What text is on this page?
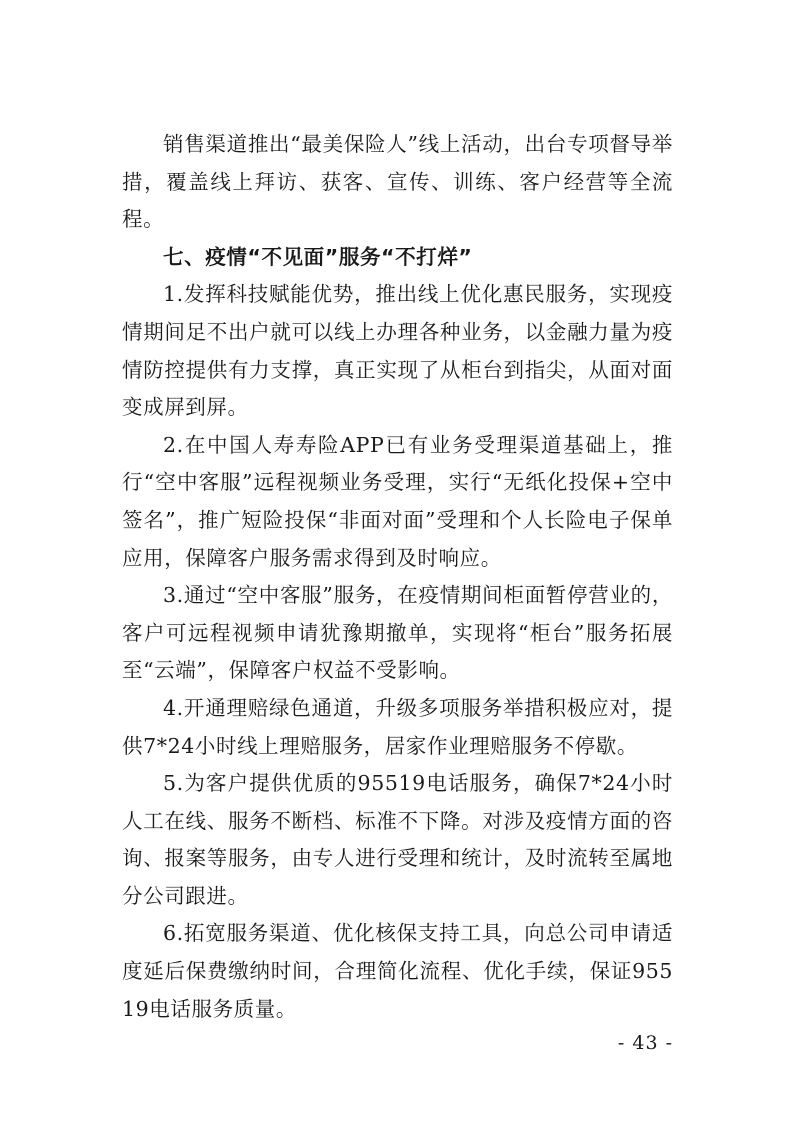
销售渠道推出“最美保险人”线上活动，出台专项督导举措，覆盖线上拜访、获客、宣传、训练、客户经营等全流程。

七、疫情“不见面”服务“不打烊”

1.发挥科技赋能优势，推出线上优化惠民服务，实现疫情期间足不出户就可以线上办理各种业务，以金融力量为疫情防控提供有力支撑，真正实现了从柜台到指尖，从面对面变成屏到屏。

2.在中国人寿寿险APP已有业务受理渠道基础上，推行“空中客服”远程视频业务受理，实行“无纸化投保+空中签名”，推广短险投保“非面对面”受理和个人长险电子保单应用，保障客户服务需求得到及时响应。

3.通过“空中客服”服务，在疫情期间柜面暂停营业的，客户可远程视频申请犹豫期撤单，实现将“柜台”服务拓展至“云端”，保障客户权益不受影响。

4.开通理赔绿色通道，升级多项服务举措积极应对，提供7*24小时线上理赔服务，居家作业理赔服务不停歇。

5.为客户提供优质的95519电话服务，确保7*24小时人工在线、服务不断档、标准不下降。对涉及疫情方面的咨询、报案等服务，由专人进行受理和统计，及时流转至属地分公司跟进。

6.拓宽服务渠道、优化核保支持工具，向总公司申请适度延后保费缴纳时间，合理简化流程、优化手续，保证95519电话服务质量。

- 43 -
